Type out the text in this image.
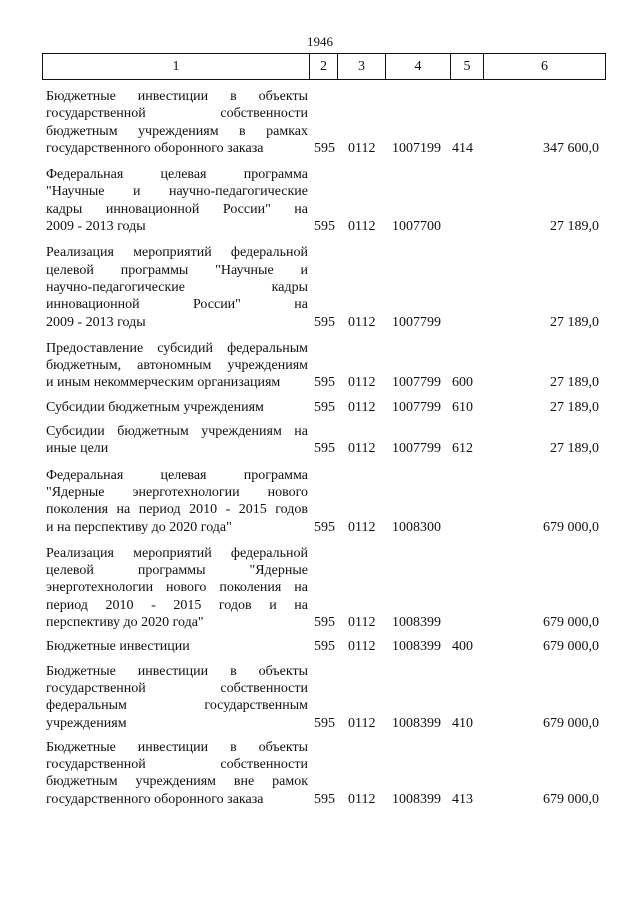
1946
1	2	3	4	5	6
Бюджетные инвестиции в объекты
государственной собственности
бюджетным учреждениям в рамках
государственного оборонного заказа	595 0112 1007199 414	347 600,0
Федеральная целевая программа
"Научные и научно-педагогические
кадры инновационной России" на
2009 - 2013 годы	595 0112 1007700	27 189,0
Реализация мероприятий федеральной
целевой программы "Научные и
научно-педагогические кадры
инновационной России" на
2009 - 2013 годы	595 0112 1007799	27 189,0
Предоставление субсидий федеральным
бюджетным, автономным учреждениям
и иным некоммерческим организациям	595 0112 1007799 600	27 189,0
Субсидии бюджетным учреждениям	595 0112 1007799 610	27 189,0
Субсидии бюджетным учреждениям на
иные цели	595 0112 1007799 612	27 189,0
Федеральная целевая программа
"Ядерные энерготехнологии нового
поколения на период 2010 - 2015 годов
и на перспективу до 2020 года"	595 0112 1008300	679 000,0
Реализация мероприятий федеральной
целевой программы "Ядерные
энерготехнологии нового поколения на
период 2010 - 2015 годов и на
перспективу до 2020 года"	595 0112 1008399	679 000,0
Бюджетные инвестиции	595 0112 1008399 400	679 000,0
Бюджетные инвестиции в объекты
государственной собственности
федеральным государственным
учреждениям	595 0112 1008399 410	679 000,0
Бюджетные инвестиции в объекты
государственной собственности
бюджетным учреждениям вне рамок
государственного оборонного заказа	595 0112 1008399 413	679 000,0
